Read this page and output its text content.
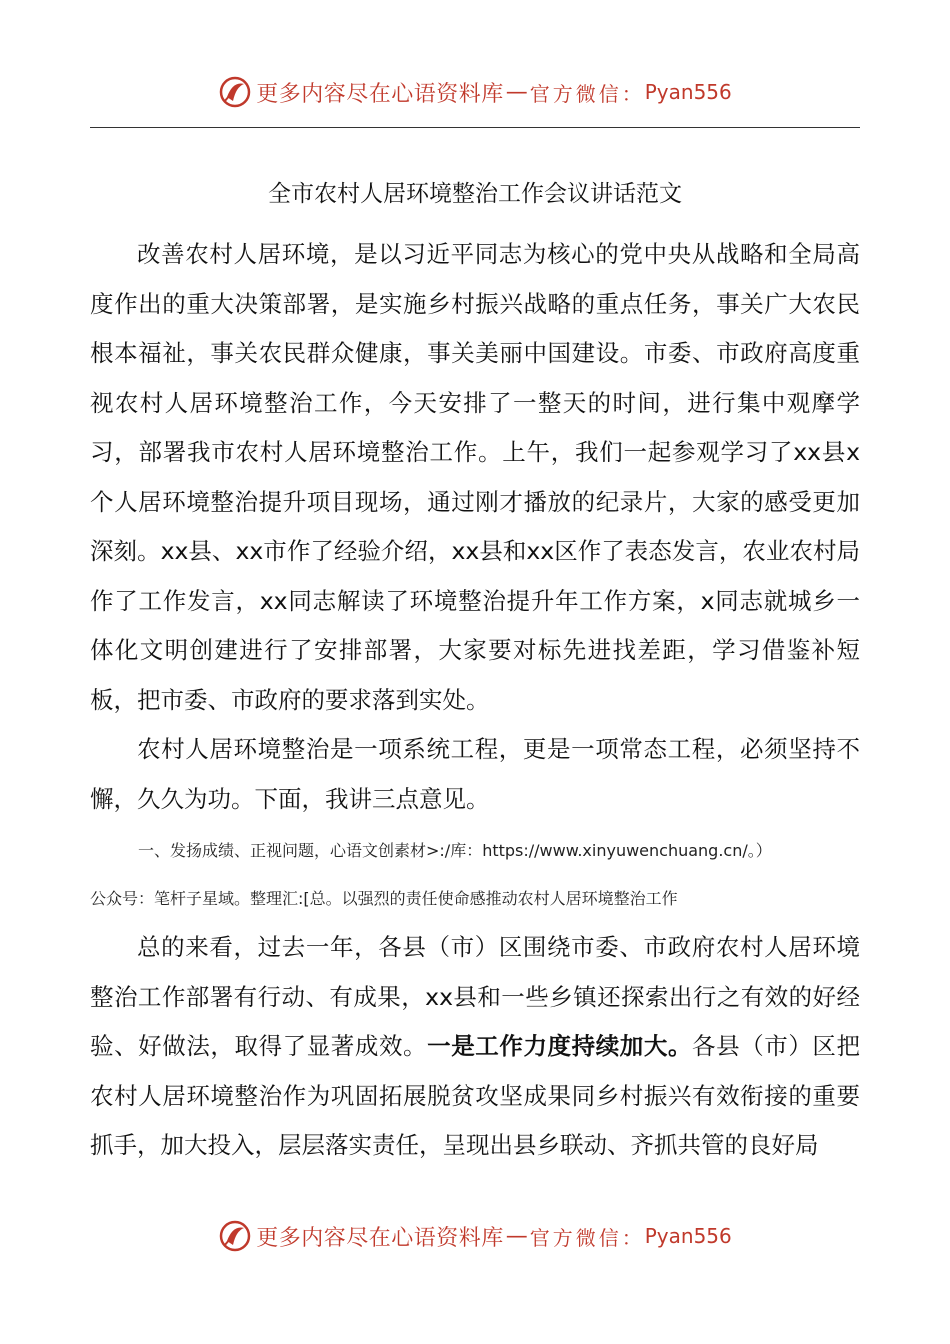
更多内容尽在心语资料库 — 官方微信： Pyan556
全市农村人居环境整治工作会议讲话范文

改善农村人居环境，是以习近平同志为核心的党中央从战略和全局高度作出的重大决策部署，是实施乡村振兴战略的重点任务，事关广大农民根本福祉，事关农民群众健康，事关美丽中国建设。市委、市政府高度重视农村人居环境整治工作，今天安排了一整天的时间，进行集中观摩学习，部署我市农村人居环境整治工作。上午，我们一起参观学习了xx县x个人居环境整治提升项目现场，通过刚才播放的纪录片，大家的感受更加深刻。xx县、xx市作了经验介绍，xx县和xx区作了表态发言，农业农村局作了工作发言，xx同志解读了环境整治提升年工作方案，x同志就城乡一体化文明创建进行了安排部署，大家要对标先进找差距，学习借鉴补短板，把市委、市政府的要求落到实处。

农村人居环境整治是一项系统工程，更是一项常态工程，必须坚持不懈，久久为功。下面，我讲三点意见。

一、发扬成绩、正视问题，心语文创素材>:/库：https://www.xinyuwenchuang.cn/。）
公众号：笔杆子星域。整理汇:[总。以强烈的责任使命感推动农村人居环境整治工作

总的来看，过去一年，各县（市）区围绕市委、市政府农村人居环境整治工作部署有行动、有成果，xx县和一些乡镇还探索出行之有效的好经验、好做法，取得了显著成效。一是工作力度持续加大。各县（市）区把农村人居环境整治作为巩固拓展脱贫攻坚成果同乡村振兴有效衔接的重要抓手，加大投入，层层落实责任，呈现出县乡联动、齐抓共管的良好局

更多内容尽在心语资料库 — 官方微信： Pyan556
